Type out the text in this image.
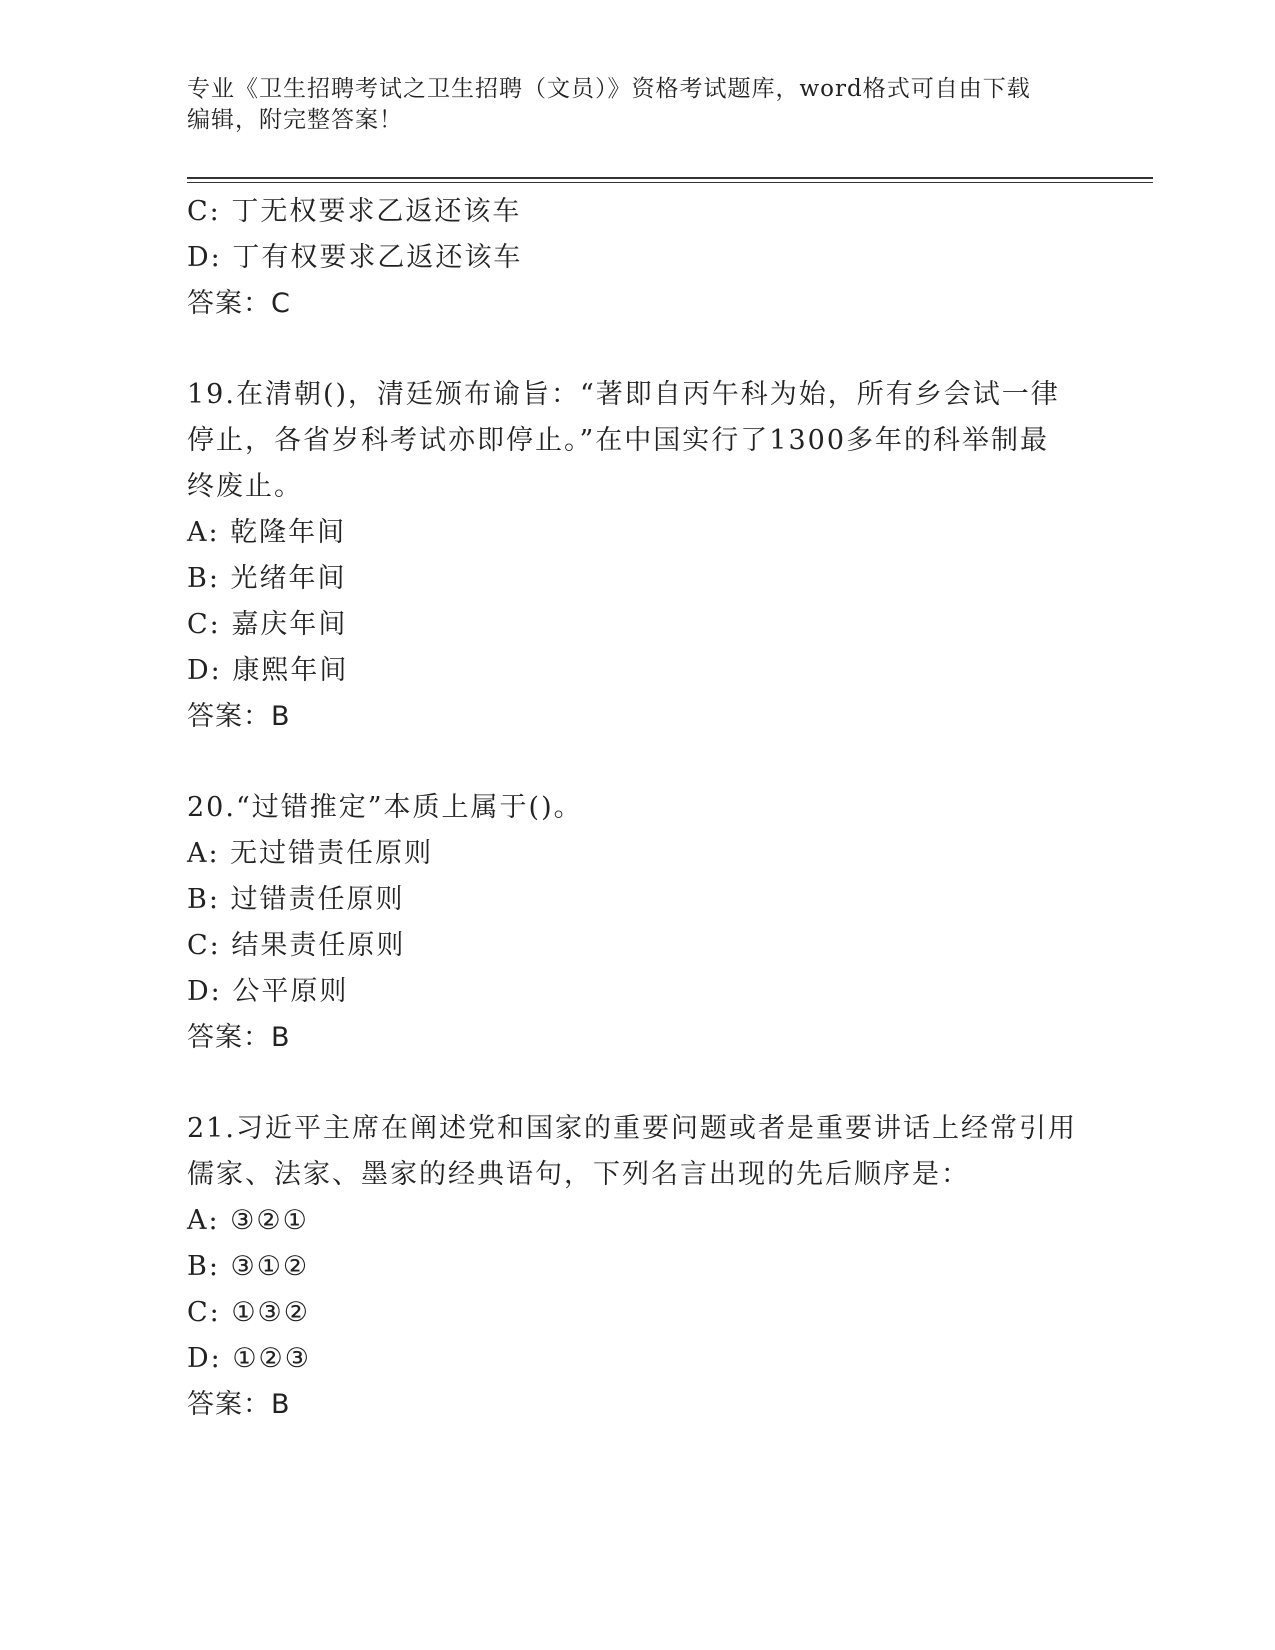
专业《卫生招聘考试之卫生招聘（文员）》资格考试题库，word格式可自由下载
编辑，附完整答案！
C: 丁无权要求乙返还该车
D: 丁有权要求乙返还该车
答案：C
19.在清朝()，清廷颁布谕旨：“著即自丙午科为始，所有乡会试一律
停止，各省岁科考试亦即停止。”在中国实行了1300多年的科举制最
终废止。
A: 乾隆年间
B: 光绪年间
C: 嘉庆年间
D: 康熙年间
答案：B
20.“过错推定”本质上属于()。
A: 无过错责任原则
B: 过错责任原则
C: 结果责任原则
D: 公平原则
答案：B
21.习近平主席在阐述党和国家的重要问题或者是重要讲话上经常引用
儒家、法家、墨家的经典语句，下列名言出现的先后顺序是：
A: ③②①
B: ③①②
C: ①③②
D: ①②③
答案：B
